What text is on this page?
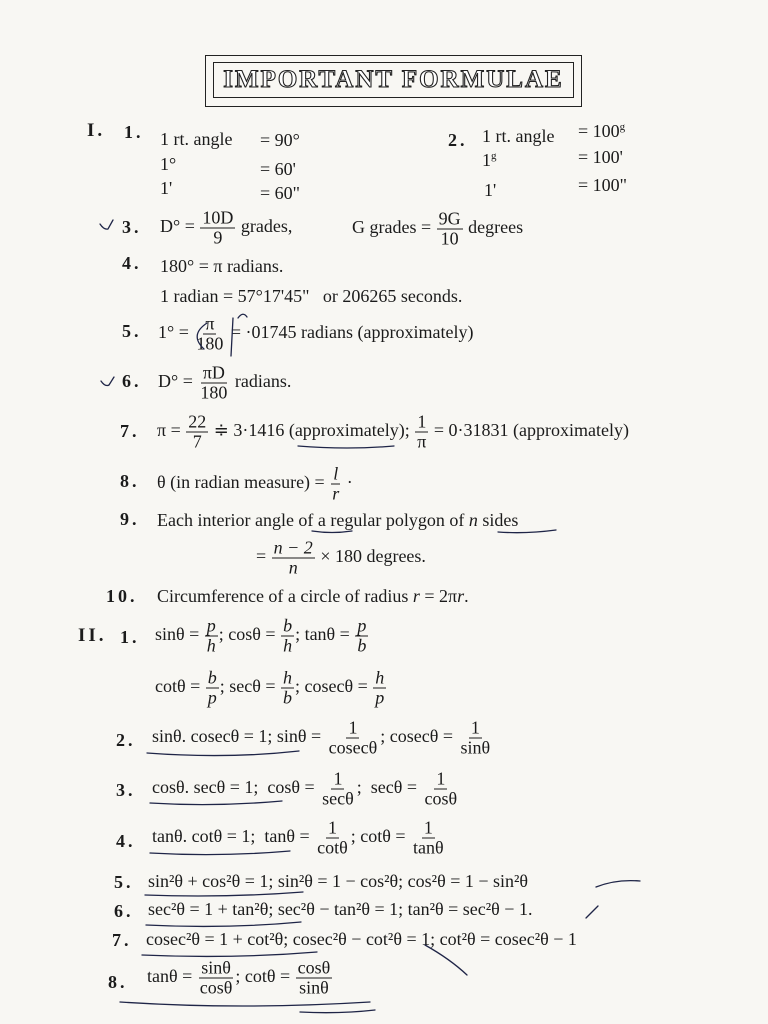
IMPORTANT FORMULAE
I. 1. 1 rt. angle = 90°
1°	= 60'
1'	= 60"
2. 1 rt. angle = $100^g$
$1^g$	= 100'
1'	= 100"
3. $D^\circ = \frac{10D}{9}$ grades,	G grades = $\frac{9G}{10}$ degrees
4. 180° = π radians.
1 radian = 57°17'45"   or 206265 seconds.
5. $1^\circ = \frac{\pi}{180} = \cdot 01745$ radians (approximately)
6. $D^\circ = \frac{\pi D}{180}$ radians.
7. $\pi = \frac{22}{7}$ ≑ 3·1416 (approximately); $\frac{1}{\pi} = 0\cdot 31831$ (approximately)
8. θ (in radian measure) = $\frac{l}{r}$ ·
9. Each interior angle of a regular polygon of n sides
= $\frac{n - 2}{n} \times 180$ degrees.
10. Circumference of a circle of radius r = 2πr.
II. 1. $\sin\theta = \frac{p}{h}$ ; $\cos\theta = \frac{b}{h}$ ; $\tan\theta = \frac{p}{b}$
$\cot\theta = \frac{b}{p}$ ; $\sec\theta = \frac{h}{b}$ ; $cosec\theta = \frac{h}{p}$
2. sinθ. cosecθ = 1; $\sin\theta = \frac{1}{cosec\theta}$ ; $cosec\theta = \frac{1}{\sin\theta}$
3. cosθ. secθ = 1;  $\cos\theta = \frac{1}{\sec\theta}$ ;  $\sec\theta = \frac{1}{\cos\theta}$
4. tanθ. cotθ = 1;  $\tan\theta = \frac{1}{\cot\theta}$ ; $\cot\theta = \frac{1}{\tan\theta}$
5. sin²θ + cos²θ = 1; sin²θ = 1 − cos²θ; cos²θ = 1 − sin²θ
6. sec²θ = 1 + tan²θ; sec²θ − tan²θ = 1; tan²θ = sec²θ − 1.
7. cosec²θ = 1 + cot²θ; cosec²θ − cot²θ = 1; cot²θ = cosec²θ − 1
8. $\tan\theta = \frac{\sin\theta}{\cos\theta}$ ; $\cot\theta = \frac{\cos\theta}{\sin\theta}$
